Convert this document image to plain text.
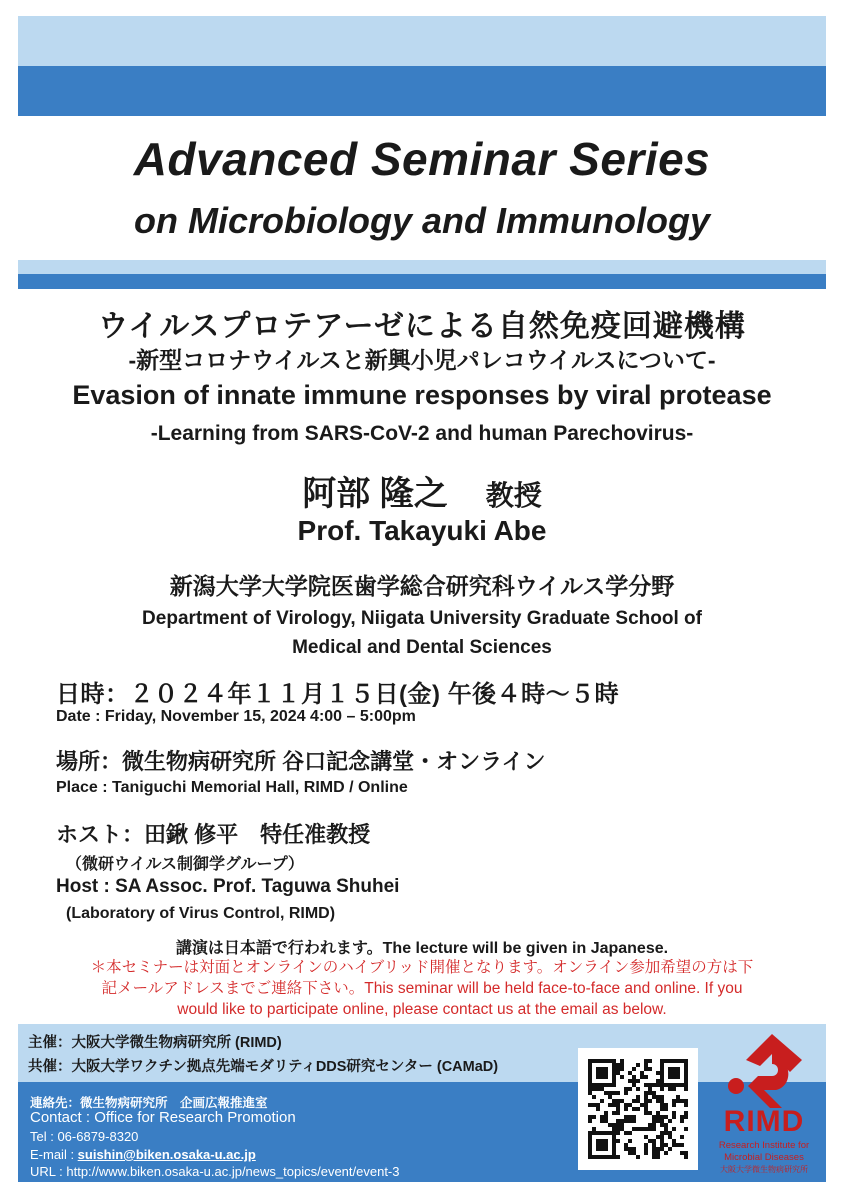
Advanced Seminar Series
on Microbiology and Immunology
ウイルスプロテアーゼによる自然免疫回避機構
-新型コロナウイルスと新興小児パレコウイルスについて-
Evasion of innate immune responses by viral protease
-Learning from SARS-CoV-2 and human Parechovirus-
阿部 隆之 教授
Prof. Takayuki Abe
新潟大学大学院医歯学総合研究科ウイルス学分野
Department of Virology, Niigata University Graduate School of
Medical and Dental Sciences
日時：２０２４年１１月１５日(金) 午後４時～５時
Date : Friday, November 15, 2024 4:00 – 5:00pm
場所：微生物病研究所 谷口記念講堂・オンライン
Place : Taniguchi Memorial Hall, RIMD / Online
ホスト：田鍬 修平　特任准教授
（微研ウイルス制御学グループ）
Host : SA Assoc. Prof. Taguwa Shuhei
(Laboratory of Virus Control, RIMD)
講演は日本語で行われます。The lecture will be given in Japanese.
＊本セミナーは対面とオンラインのハイブリッド開催となります。オンライン参加希望の方は下
記メールアドレスまでご連絡下さい。This seminar will be held face-to-face and online. If you
would like to participate online, please contact us at the email as below.
主催：大阪大学微生物病研究所 (RIMD)
共催：大阪大学ワクチン拠点先端モダリティDDS研究センター (CAMaD)
連絡先：微生物病研究所　企画広報推進室
Contact : Office for Research Promotion
Tel : 06-6879-8320
E-mail : suishin@biken.osaka-u.ac.jp
URL : http://www.biken.osaka-u.ac.jp/news_topics/event/event-3
RIMD
Research Institute for
Microbial Diseases
大阪大学微生物病研究所
